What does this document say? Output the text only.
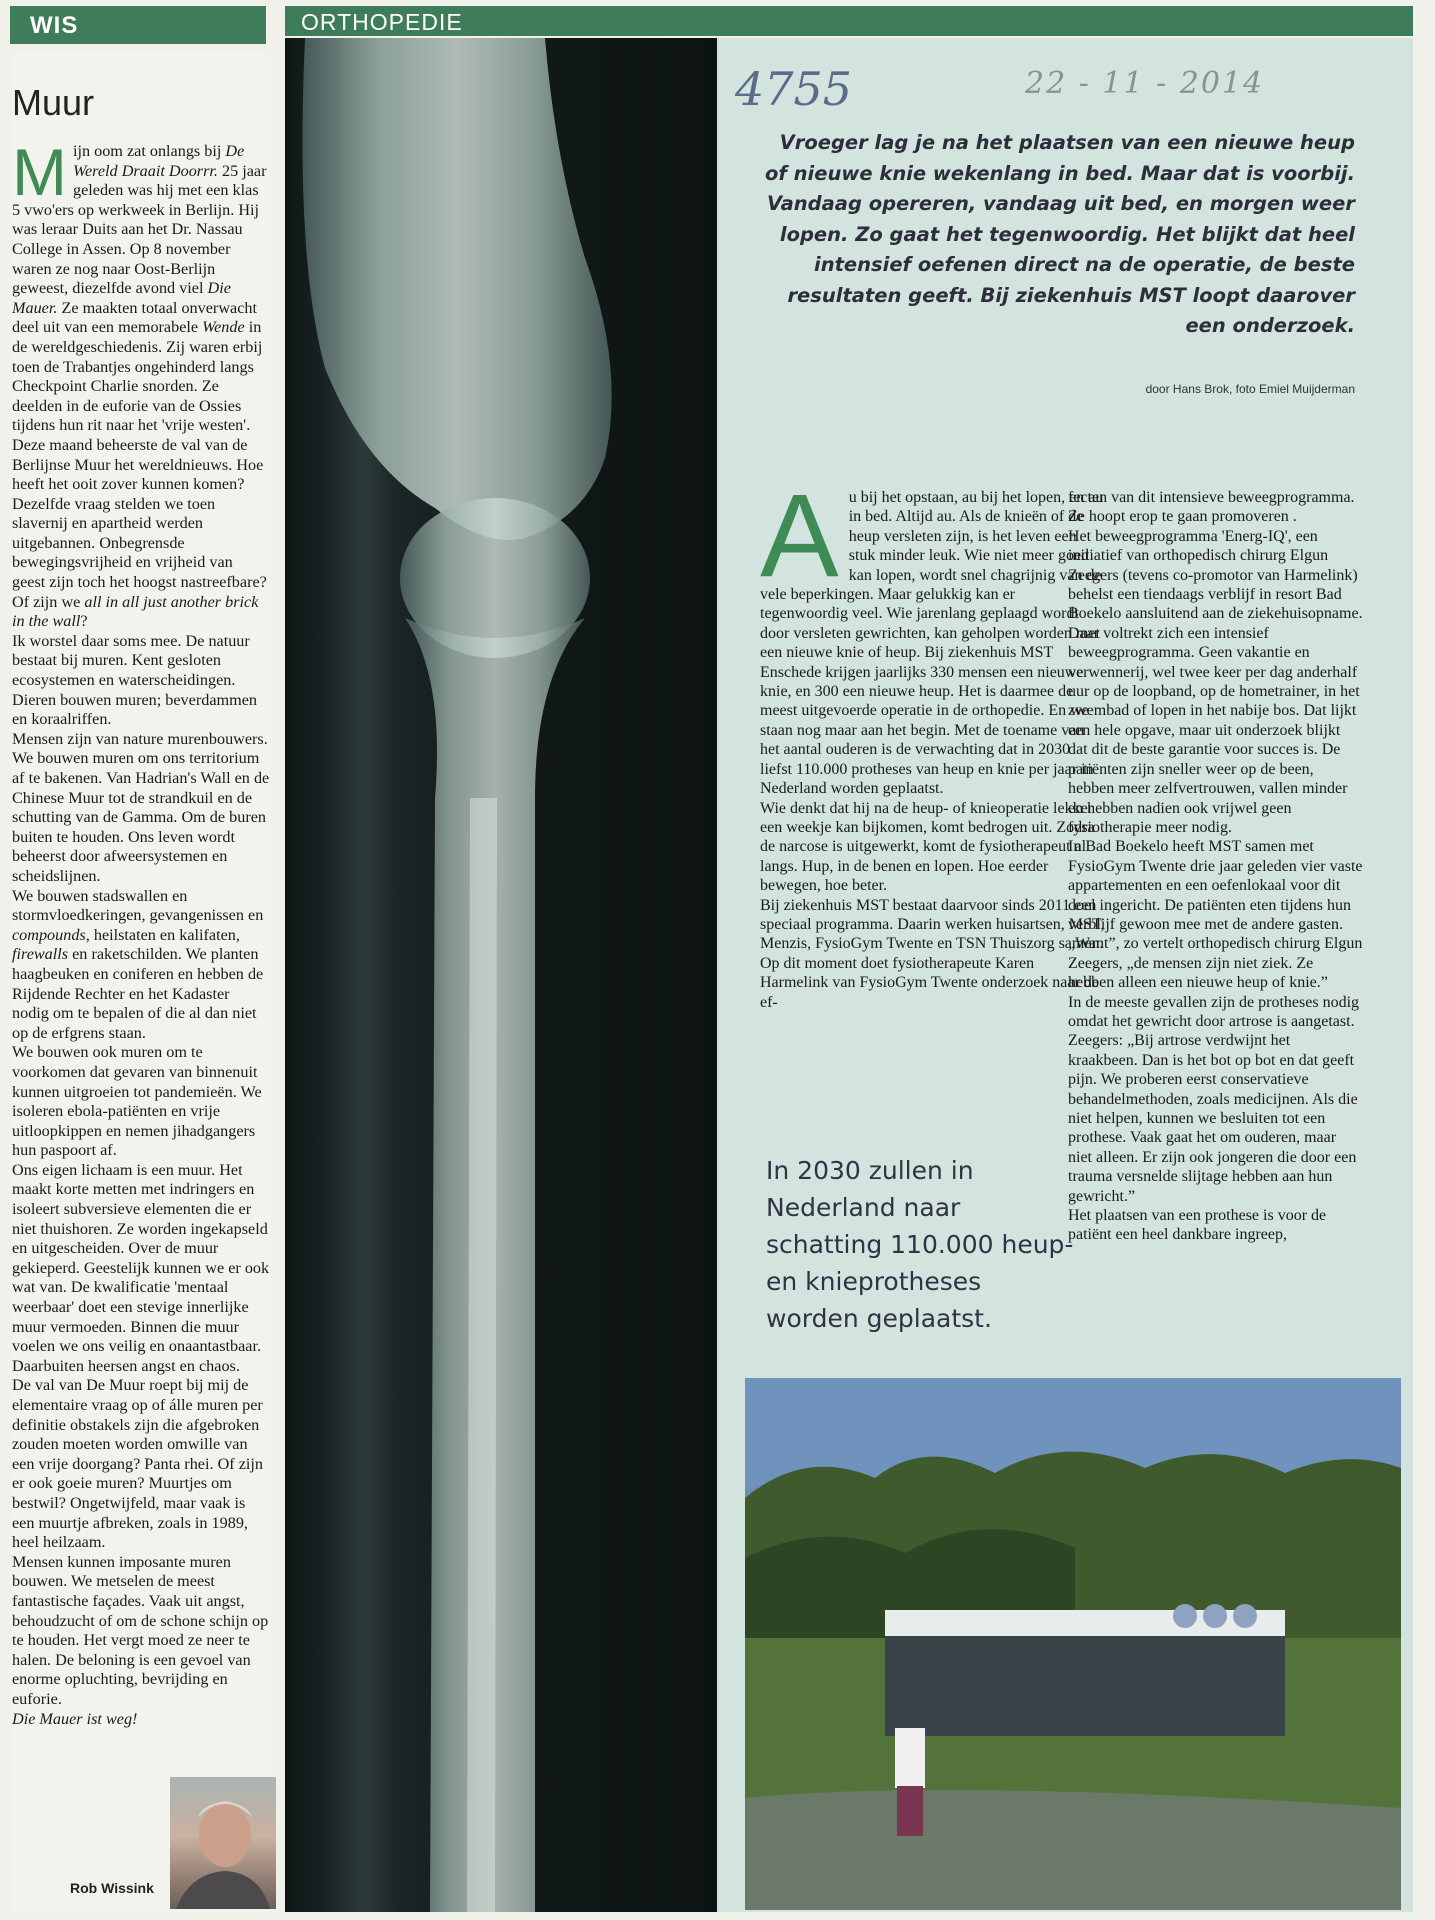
WIS	ORTHOPEDIE
Muur
Mijn oom zat onlangs bij De Wereld Draait Doorrr. 25 jaar geleden was hij met een klas 5 vwo'ers op werkweek in Berlijn. Hij was leraar Duits aan het Dr. Nassau College in Assen. Op 8 november waren ze nog naar Oost-Berlijn geweest, diezelfde avond viel Die Mauer. Ze maakten totaal onverwacht deel uit van een memorabele Wende in de wereldgeschiedenis. Zij waren erbij toen de Trabantjes ongehinderd langs Checkpoint Charlie snorden. Ze deelden in de euforie van de Ossies tijdens hun rit naar het 'vrije westen'.
Deze maand beheerste de val van de Berlijnse Muur het wereldnieuws. Hoe heeft het ooit zover kunnen komen? Dezelfde vraag stelden we toen slavernij en apartheid werden uitgebannen. Onbegrensde bewegingsvrijheid en vrijheid van geest zijn toch het hoogst nastreefbare? Of zijn we all in all just another brick in the wall?
Ik worstel daar soms mee. De natuur bestaat bij muren. Kent gesloten ecosystemen en waterscheidingen. Dieren bouwen muren; beverdammen en koraalriffen.
Mensen zijn van nature murenbouwers. We bouwen muren om ons territorium af te bakenen. Van Hadrian's Wall en de Chinese Muur tot de strandkuil en de schutting van de Gamma. Om de buren buiten te houden. Ons leven wordt beheerst door afweersystemen en scheidslijnen.
We bouwen stadswallen en stormvloedkeringen, gevangenissen en compounds, heilstaten en kalifaten, firewalls en raketschilden. We planten haagbeuken en coniferen en hebben de Rijdende Rechter en het Kadaster nodig om te bepalen of die al dan niet op de erfgrens staan.
We bouwen ook muren om te voorkomen dat gevaren van binnenuit kunnen uitgroeien tot pandemieën. We isoleren ebola-patiënten en vrije uitloopkippen en nemen jihadgangers hun paspoort af.
Ons eigen lichaam is een muur. Het maakt korte metten met indringers en isoleert subversieve elementen die er niet thuishoren. Ze worden ingekapseld en uitgescheiden. Over de muur gekieperd. Geestelijk kunnen we er ook wat van. De kwalificatie 'mentaal weerbaar' doet een stevige innerlijke muur vermoeden. Binnen die muur voelen we ons veilig en onaantastbaar. Daarbuiten heersen angst en chaos.
De val van De Muur roept bij mij de elementaire vraag op of álle muren per definitie obstakels zijn die afgebroken zouden moeten worden omwille van een vrije doorgang? Panta rhei. Of zijn er ook goeie muren? Muurtjes om bestwil? Ongetwijfeld, maar vaak is een muurtje afbreken, zoals in 1989, heel heilzaam.
Mensen kunnen imposante muren bouwen. We metselen de meest fantastische façades. Vaak uit angst, behoudzucht of om de schone schijn op te houden. Het vergt moed ze neer te halen. De beloning is een gevoel van enorme opluchting, bevrijding en euforie.
Die Mauer ist weg!
Rob Wissink
4755	22 - 11 - 2014
Vroeger lag je na het plaatsen van een nieuwe heup of nieuwe knie wekenlang in bed. Maar dat is voorbij. Vandaag opereren, vandaag uit bed, en morgen weer lopen. Zo gaat het tegenwoordig. Het blijkt dat heel intensief oefenen direct na de operatie, de beste resultaten geeft. Bij ziekenhuis MST loopt daarover een onderzoek.
door Hans Brok, foto Emiel Muijderman
Au bij het opstaan, au bij het lopen, en au in bed. Altijd au. Als de knieën of de heup versleten zijn, is het leven een stuk minder leuk. Wie niet meer goed kan lopen, wordt snel chagrijnig van de vele beperkingen. Maar gelukkig kan er tegenwoordig veel. Wie jarenlang geplaagd wordt door versleten gewrichten, kan geholpen worden met een nieuwe knie of heup. Bij ziekenhuis MST Enschede krijgen jaarlijks 330 mensen een nieuwe knie, en 300 een nieuwe heup. Het is daarmee de meest uitgevoerde operatie in de orthopedie. En we staan nog maar aan het begin. Met de toename van het aantal ouderen is de verwachting dat in 2030 liefst 110.000 protheses van heup en knie per jaar in Nederland worden geplaatst.
Wie denkt dat hij na de heup- of knieoperatie lekker een weekje kan bijkomen, komt bedrogen uit. Zodra de narcose is uitgewerkt, komt de fysiotherapeut al langs. Hup, in de benen en lopen. Hoe eerder bewegen, hoe beter.
Bij ziekenhuis MST bestaat daarvoor sinds 2011 een speciaal programma. Daarin werken huisartsen, MST, Menzis, FysioGym Twente en TSN Thuiszorg samen. Op dit moment doet fysiotherapeute Karen Harmelink van FysioGym Twente onderzoek naar de ef-
fecten van dit intensieve beweegprogramma. Ze hoopt erop te gaan promoveren .
Het beweegprogramma 'Energ-IQ', een initiatief van orthopedisch chirurg Elgun Zeegers (tevens co-promotor van Harmelink) behelst een tiendaags verblijf in resort Bad Boekelo aansluitend aan de ziekehuisopname. Daar voltrekt zich een intensief beweegprogramma. Geen vakantie en verwennerij, wel twee keer per dag anderhalf uur op de loopband, op de hometrainer, in het zwembad of lopen in het nabije bos. Dat lijkt een hele opgave, maar uit onderzoek blijkt dat dit de beste garantie voor succes is. De patiënten zijn sneller weer op de been, hebben meer zelfvertrouwen, vallen minder en hebben nadien ook vrijwel geen fysiotherapie meer nodig.
In Bad Boekelo heeft MST samen met FysioGym Twente drie jaar geleden vier vaste appartementen en een oefenlokaal voor dit doel ingericht. De patiënten eten tijdens hun verblijf gewoon mee met de andere gasten. „Want”, zo vertelt orthopedisch chirurg Elgun Zeegers, „de mensen zijn niet ziek. Ze hebben alleen een nieuwe heup of knie.”
In de meeste gevallen zijn de protheses nodig omdat het gewricht door artrose is aangetast. Zeegers: „Bij artrose verdwijnt het kraakbeen. Dan is het bot op bot en dat geeft pijn. We proberen eerst conservatieve behandelmethoden, zoals medicijnen. Als die niet helpen, kunnen we besluiten tot een prothese. Vaak gaat het om ouderen, maar niet alleen. Er zijn ook jongeren die door een trauma versnelde slijtage hebben aan hun gewricht.”
Het plaatsen van een prothese is voor de patiënt een heel dankbare ingreep,
In 2030 zullen in Nederland naar schatting 110.000 heup- en knieprotheses worden geplaatst.
